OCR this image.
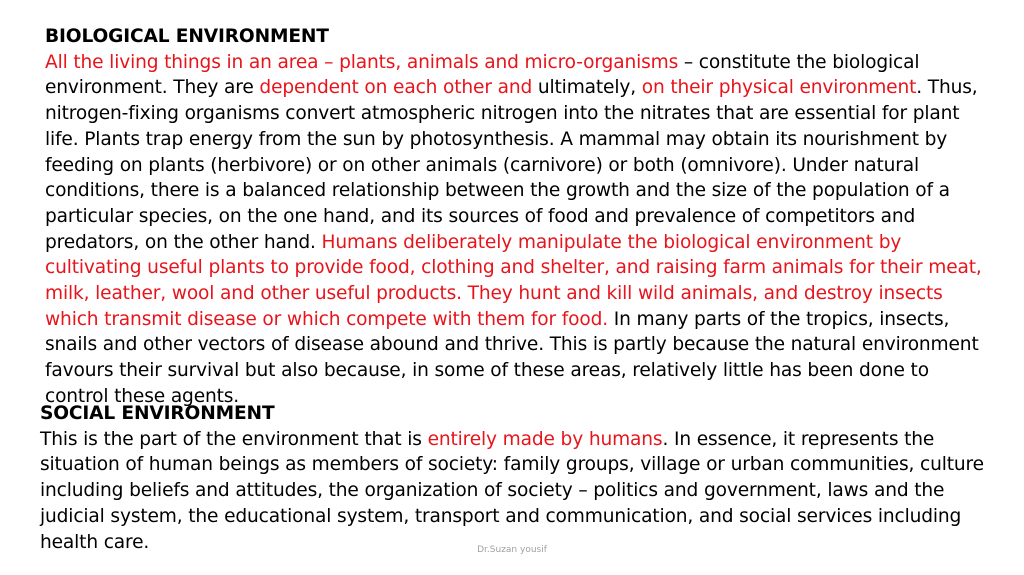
BIOLOGICAL ENVIRONMENT
All the living things in an area – plants, animals and micro-organisms – constitute the biological environment. They are dependent on each other and ultimately, on their physical environment. Thus, nitrogen-fixing organisms convert atmospheric nitrogen into the nitrates that are essential for plant life. Plants trap energy from the sun by photosynthesis. A mammal may obtain its nourishment by feeding on plants (herbivore) or on other animals (carnivore) or both (omnivore). Under natural conditions, there is a balanced relationship between the growth and the size of the population of a particular species, on the one hand, and its sources of food and prevalence of competitors and predators, on the other hand. Humans deliberately manipulate the biological environment by cultivating useful plants to provide food, clothing and shelter, and raising farm animals for their meat, milk, leather, wool and other useful products. They hunt and kill wild animals, and destroy insects which transmit disease or which compete with them for food. In many parts of the tropics, insects, snails and other vectors of disease abound and thrive. This is partly because the natural environment favours their survival but also because, in some of these areas, relatively little has been done to control these agents.
SOCIAL ENVIRONMENT
This is the part of the environment that is entirely made by humans. In essence, it represents the situation of human beings as members of society: family groups, village or urban communities, culture including beliefs and attitudes, the organization of society – politics and government, laws and the judicial system, the educational system, transport and communication, and social services including health care.	Dr.Suzan yousif
